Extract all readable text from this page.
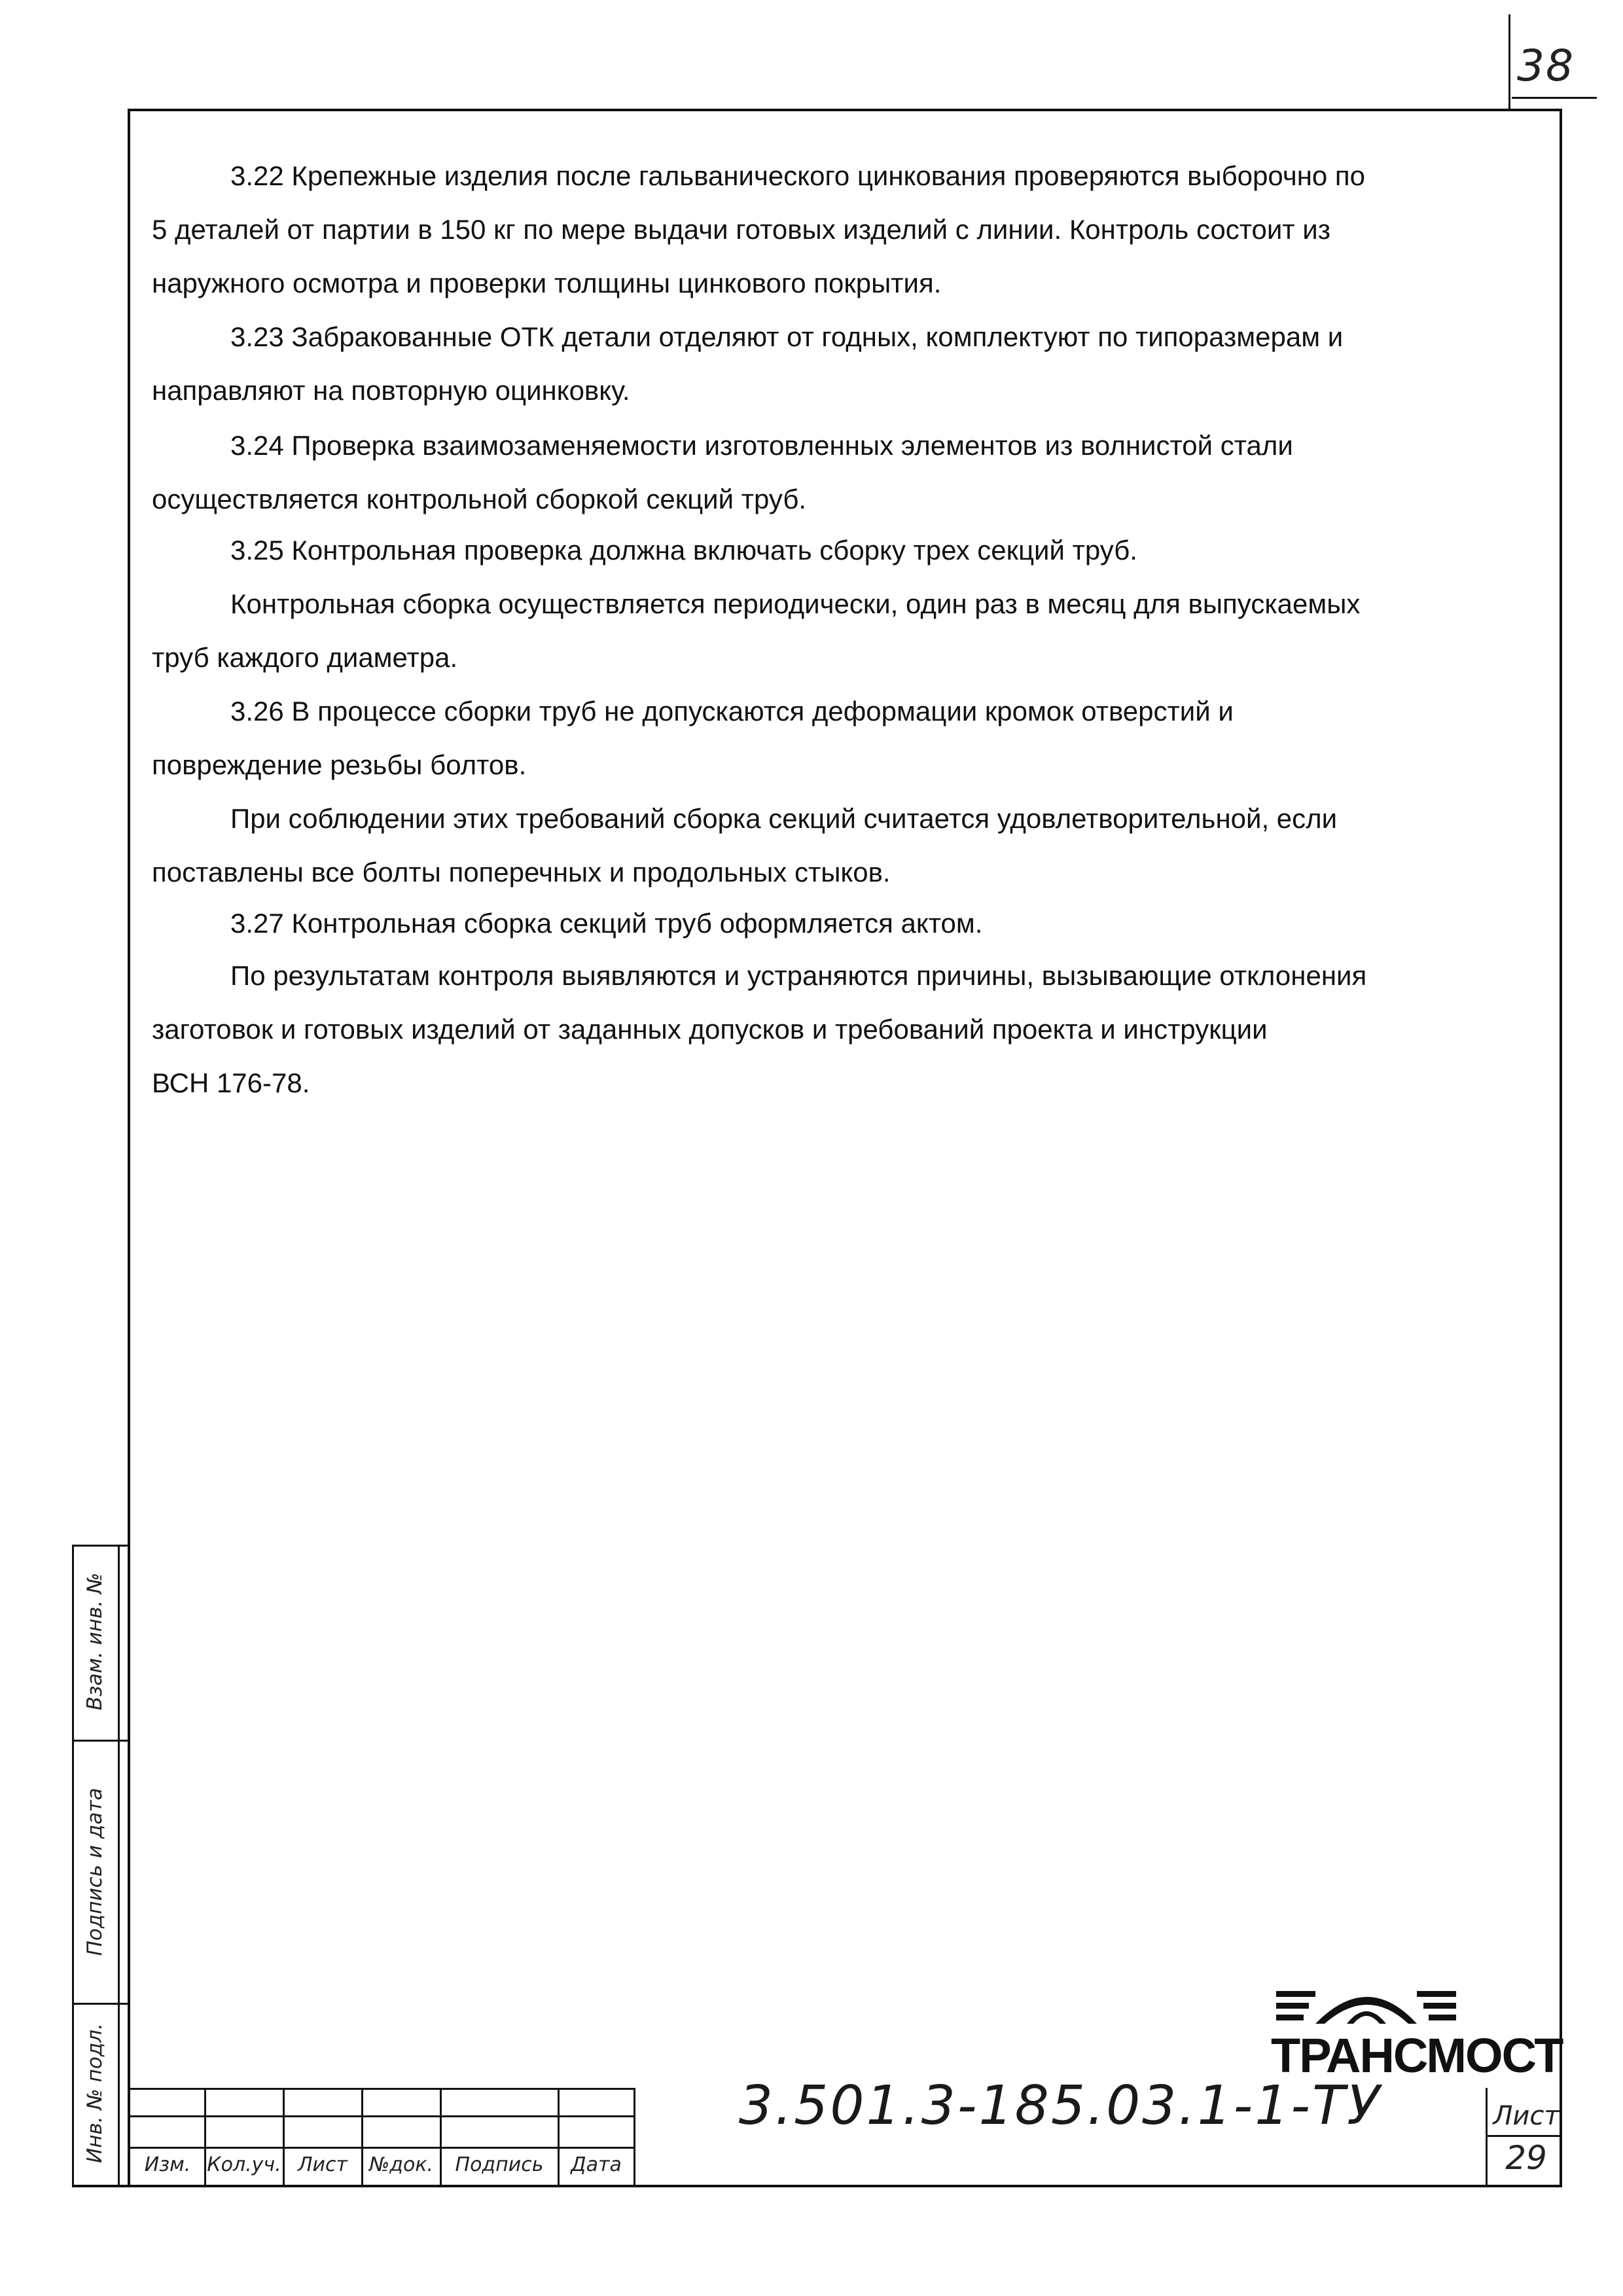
38

3.22 Крепежные изделия после гальванического цинкования проверяются выборочно по
5 деталей от партии в 150 кг по мере выдачи готовых изделий с линии. Контроль состоит из
наружного осмотра и проверки толщины цинкового покрытия.

3.23 Забракованные ОТК детали отделяют от годных, комплектуют по типоразмерам и
направляют на повторную оцинковку.

3.24 Проверка взаимозаменяемости изготовленных элементов из волнистой стали
осуществляется контрольной сборкой секций труб.

3.25 Контрольная проверка должна включать сборку трех секций труб.

Контрольная сборка осуществляется периодически, один раз в месяц для выпускаемых
труб каждого диаметра.

3.26 В процессе сборки труб не допускаются деформации кромок отверстий и
повреждение резьбы болтов.

При соблюдении этих требований сборка секций считается удовлетворительной, если
поставлены все болты поперечных и продольных стыков.

3.27 Контрольная сборка секций труб оформляется актом.

По результатам контроля выявляются и устраняются причины, вызывающие отклонения
заготовок и готовых изделий от заданных допусков и требований проекта и инструкции
ВСН 176-78.

Взам. инв. №
Подпись и дата
Инв. № подл.
Изм. Кол.уч. Лист	№док.	Подпись	Дата
3.501.3-185.03.1-1-ТУ	Лист
29
ТРАНСМОСТ
